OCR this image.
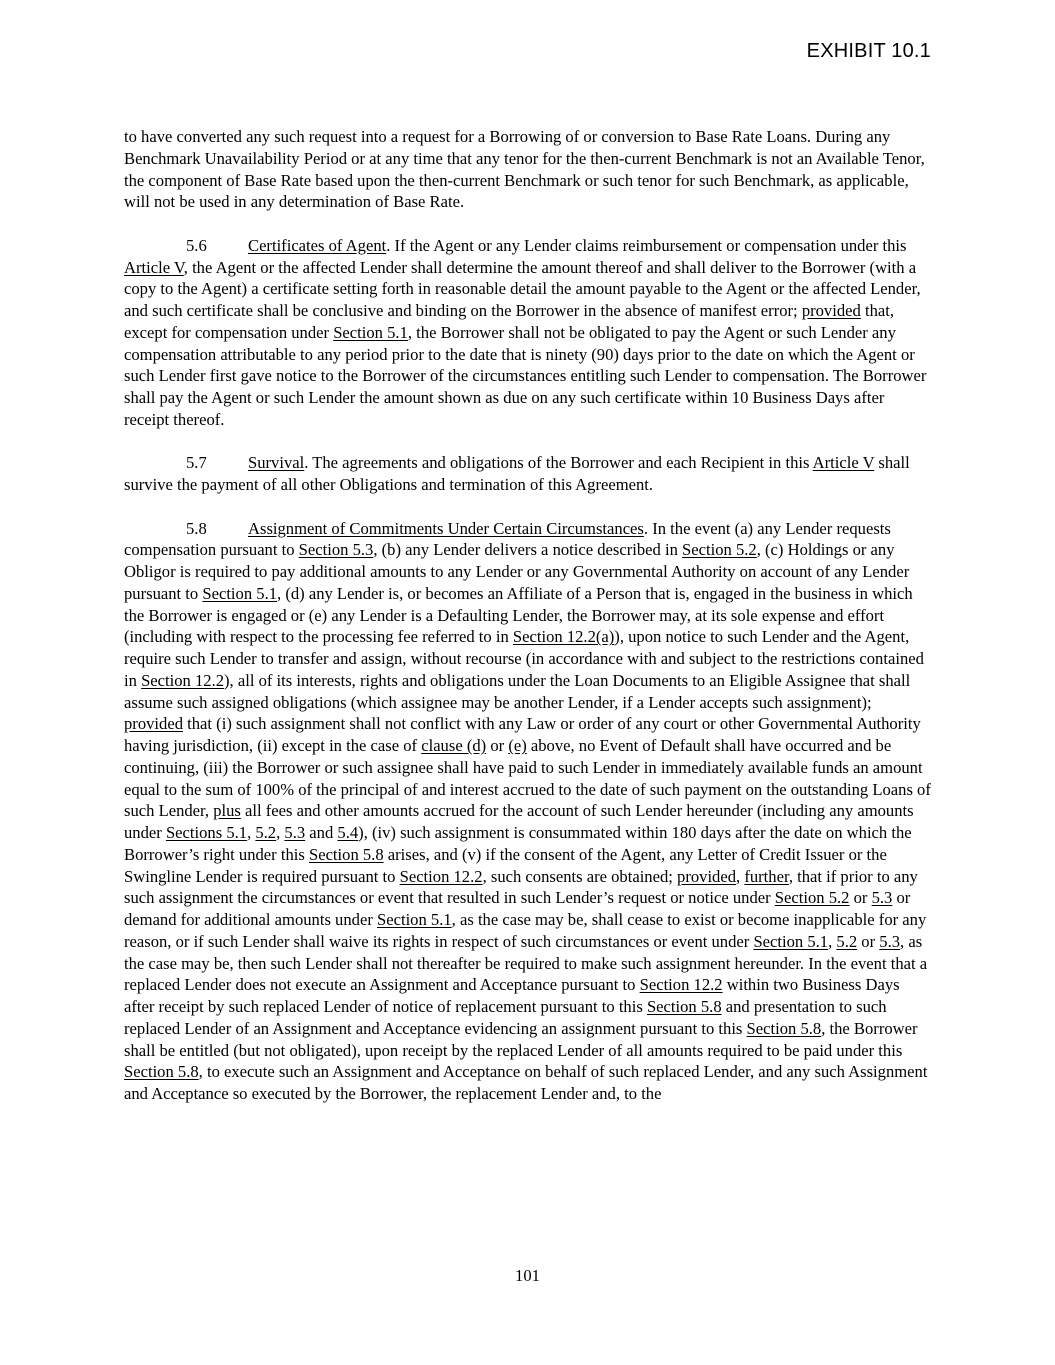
EXHIBIT 10.1

to have converted any such request into a request for a Borrowing of or conversion to Base Rate Loans. During any Benchmark Unavailability Period or at any time that any tenor for the then-current Benchmark is not an Available Tenor, the component of Base Rate based upon the then-current Benchmark or such tenor for such Benchmark, as applicable, will not be used in any determination of Base Rate.

5.6 Certificates of Agent. If the Agent or any Lender claims reimbursement or compensation under this Article V, the Agent or the affected Lender shall determine the amount thereof and shall deliver to the Borrower (with a copy to the Agent) a certificate setting forth in reasonable detail the amount payable to the Agent or the affected Lender, and such certificate shall be conclusive and binding on the Borrower in the absence of manifest error; provided that, except for compensation under Section 5.1, the Borrower shall not be obligated to pay the Agent or such Lender any compensation attributable to any period prior to the date that is ninety (90) days prior to the date on which the Agent or such Lender first gave notice to the Borrower of the circumstances entitling such Lender to compensation. The Borrower shall pay the Agent or such Lender the amount shown as due on any such certificate within 10 Business Days after receipt thereof.

5.7 Survival. The agreements and obligations of the Borrower and each Recipient in this Article V shall survive the payment of all other Obligations and termination of this Agreement.

5.8 Assignment of Commitments Under Certain Circumstances. In the event (a) any Lender requests compensation pursuant to Section 5.3, (b) any Lender delivers a notice described in Section 5.2, (c) Holdings or any Obligor is required to pay additional amounts to any Lender or any Governmental Authority on account of any Lender pursuant to Section 5.1, (d) any Lender is, or becomes an Affiliate of a Person that is, engaged in the business in which the Borrower is engaged or (e) any Lender is a Defaulting Lender, the Borrower may, at its sole expense and effort (including with respect to the processing fee referred to in Section 12.2(a)), upon notice to such Lender and the Agent, require such Lender to transfer and assign, without recourse (in accordance with and subject to the restrictions contained in Section 12.2), all of its interests, rights and obligations under the Loan Documents to an Eligible Assignee that shall assume such assigned obligations (which assignee may be another Lender, if a Lender accepts such assignment); provided that (i) such assignment shall not conflict with any Law or order of any court or other Governmental Authority having jurisdiction, (ii) except in the case of clause (d) or (e) above, no Event of Default shall have occurred and be continuing, (iii) the Borrower or such assignee shall have paid to such Lender in immediately available funds an amount equal to the sum of 100% of the principal of and interest accrued to the date of such payment on the outstanding Loans of such Lender, plus all fees and other amounts accrued for the account of such Lender hereunder (including any amounts under Sections 5.1, 5.2, 5.3 and 5.4), (iv) such assignment is consummated within 180 days after the date on which the Borrower’s right under this Section 5.8 arises, and (v) if the consent of the Agent, any Letter of Credit Issuer or the Swingline Lender is required pursuant to Section 12.2, such consents are obtained; provided, further, that if prior to any such assignment the circumstances or event that resulted in such Lender’s request or notice under Section 5.2 or 5.3 or demand for additional amounts under Section 5.1, as the case may be, shall cease to exist or become inapplicable for any reason, or if such Lender shall waive its rights in respect of such circumstances or event under Section 5.1, 5.2 or 5.3, as the case may be, then such Lender shall not thereafter be required to make such assignment hereunder. In the event that a replaced Lender does not execute an Assignment and Acceptance pursuant to Section 12.2 within two Business Days after receipt by such replaced Lender of notice of replacement pursuant to this Section 5.8 and presentation to such replaced Lender of an Assignment and Acceptance evidencing an assignment pursuant to this Section 5.8, the Borrower shall be entitled (but not obligated), upon receipt by the replaced Lender of all amounts required to be paid under this Section 5.8, to execute such an Assignment and Acceptance on behalf of such replaced Lender, and any such Assignment and Acceptance so executed by the Borrower, the replacement Lender and, to the

101
